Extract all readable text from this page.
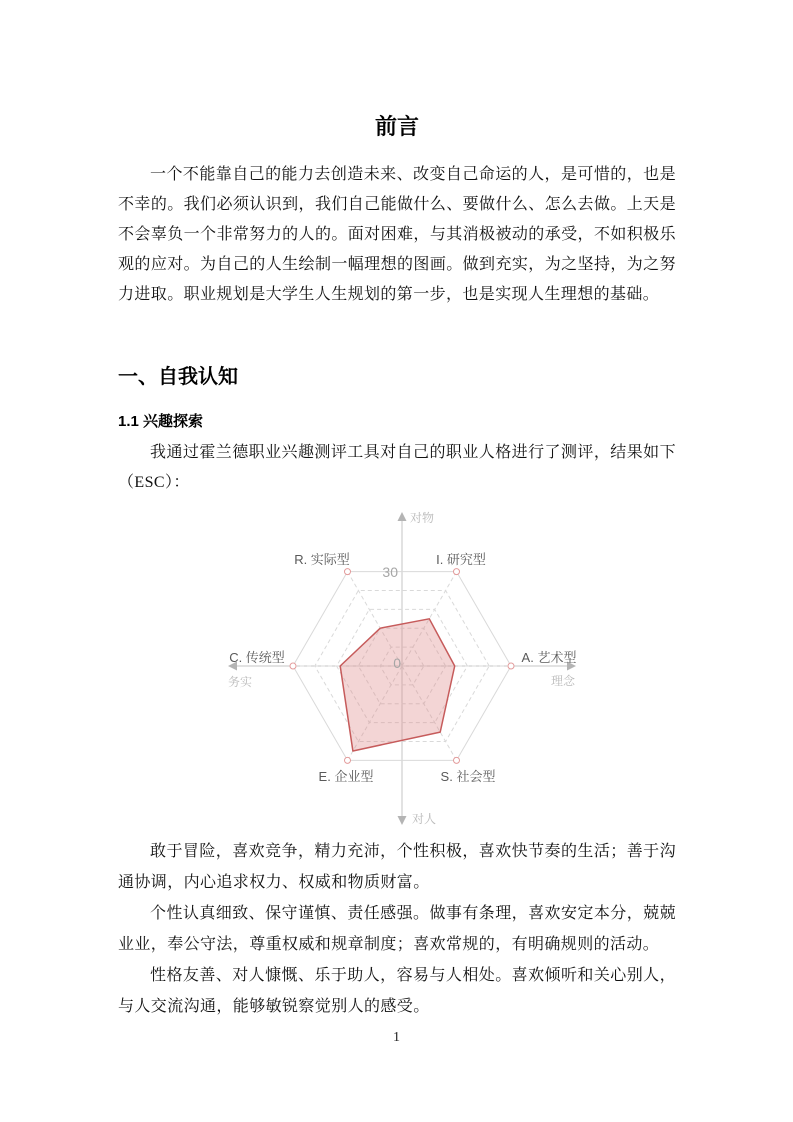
前言

一个不能靠自己的能力去创造未来、改变自己命运的人，是可惜的，也是不幸的。我们必须认识到，我们自己能做什么、要做什么、怎么去做。上天是不会辜负一个非常努力的人的。面对困难，与其消极被动的承受，不如积极乐观的应对。为自己的人生绘制一幅理想的图画。做到充实，为之坚持，为之努力进取。职业规划是大学生人生规划的第一步，也是实现人生理想的基础。

一、自我认知
1.1 兴趣探索

我通过霍兰德职业兴趣测评工具对自己的职业人格进行了测评，结果如下（ESC）：

A. 艺术型
I. 研究型
R. 实际型
C. 传统型
E. 企业型	S. 社会型
30
0
对物
对人
务实	理念

敢于冒险，喜欢竞争，精力充沛，个性积极，喜欢快节奏的生活；善于沟通协调，内心追求权力、权威和物质财富。

个性认真细致、保守谨慎、责任感强。做事有条理，喜欢安定本分，兢兢业业，奉公守法，尊重权威和规章制度；喜欢常规的，有明确规则的活动。

性格友善、对人慷慨、乐于助人，容易与人相处。喜欢倾听和关心别人，与人交流沟通，能够敏锐察觉别人的感受。

1
